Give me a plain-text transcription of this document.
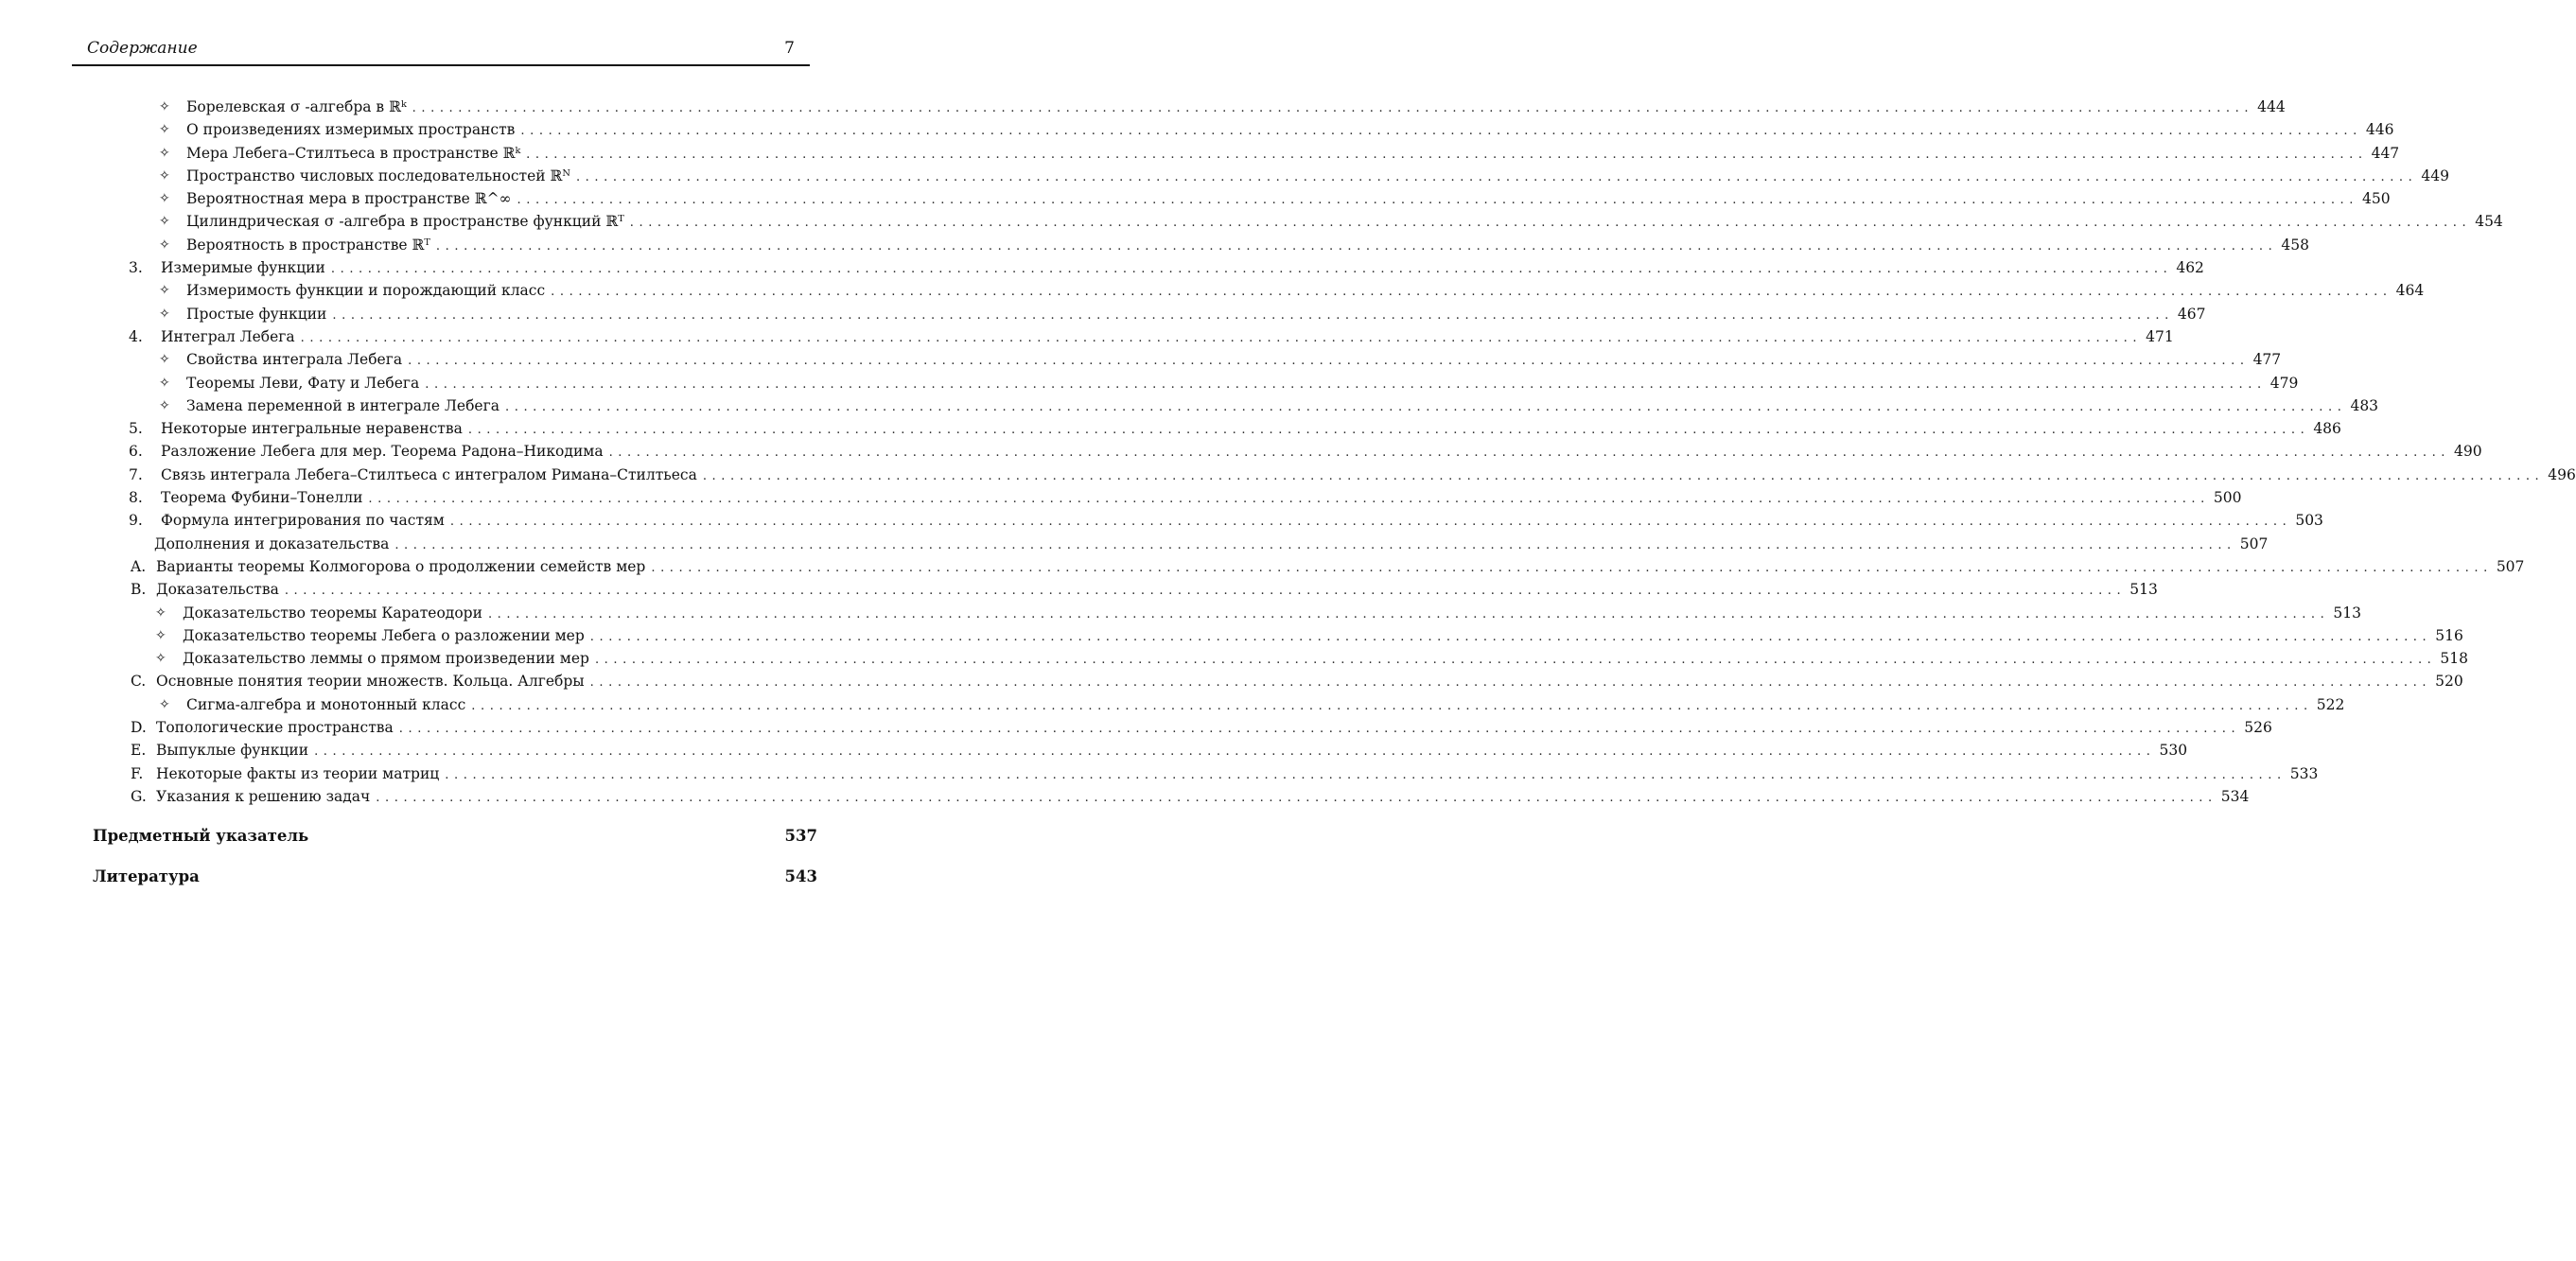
Содержание	7
✧ Борелевская σ -алгебра в ℝᵏ ........................................................................................................................................................................................................ 444
✧ О произведениях измеримых пространств ........................................................................................................................................................................................................ 446
✧ Мера Лебега–Стилтьеса в пространстве ℝᵏ ........................................................................................................................................................................................................ 447
✧ Пространство числовых последовательностей ℝᴺ ........................................................................................................................................................................................................ 449
✧ Вероятностная мера в пространстве ℝ^∞ ........................................................................................................................................................................................................ 450
✧ Цилиндрическая σ -алгебра в пространстве функций ℝᵀ ........................................................................................................................................................................................................ 454
✧ Вероятность в пространстве ℝᵀ ........................................................................................................................................................................................................ 458
3. Измеримые функции ........................................................................................................................................................................................................ 462
✧ Измеримость функции и порождающий класс ........................................................................................................................................................................................................ 464
✧ Простые функции ........................................................................................................................................................................................................ 467
4. Интеграл Лебега ........................................................................................................................................................................................................ 471
✧ Свойства интеграла Лебега ........................................................................................................................................................................................................ 477
✧ Теоремы Леви, Фату и Лебега ........................................................................................................................................................................................................ 479
✧ Замена переменной в интеграле Лебега ........................................................................................................................................................................................................ 483
5. Некоторые интегральные неравенства ........................................................................................................................................................................................................ 486
6. Разложение Лебега для мер. Теорема Радона–Никодима ........................................................................................................................................................................................................ 490
7. Связь интеграла Лебега–Стилтьеса с интегралом Римана–Стилтьеса ........................................................................................................................................................................................................ 496
8. Теорема Фубини–Тонелли ........................................................................................................................................................................................................ 500
9. Формула интегрирования по частям ........................................................................................................................................................................................................ 503
Дополнения и доказательства ........................................................................................................................................................................................................ 507
A. Варианты теоремы Колмогорова о продолжении семейств мер ........................................................................................................................................................................................................ 507
B. Доказательства ........................................................................................................................................................................................................ 513
✧ Доказательство теоремы Каратеодори ........................................................................................................................................................................................................ 513
✧ Доказательство теоремы Лебега о разложении мер ........................................................................................................................................................................................................ 516
✧ Доказательство леммы о прямом произведении мер ........................................................................................................................................................................................................ 518
C. Основные понятия теории множеств. Кольца. Алгебры ........................................................................................................................................................................................................ 520
✧ Сигма-алгебра и монотонный класс ........................................................................................................................................................................................................ 522
D. Топологические пространства ........................................................................................................................................................................................................ 526
E. Выпуклые функции ........................................................................................................................................................................................................ 530
F. Некоторые факты из теории матриц ........................................................................................................................................................................................................ 533
G. Указания к решению задач ........................................................................................................................................................................................................ 534
Предметный указатель	537
Литература	543
